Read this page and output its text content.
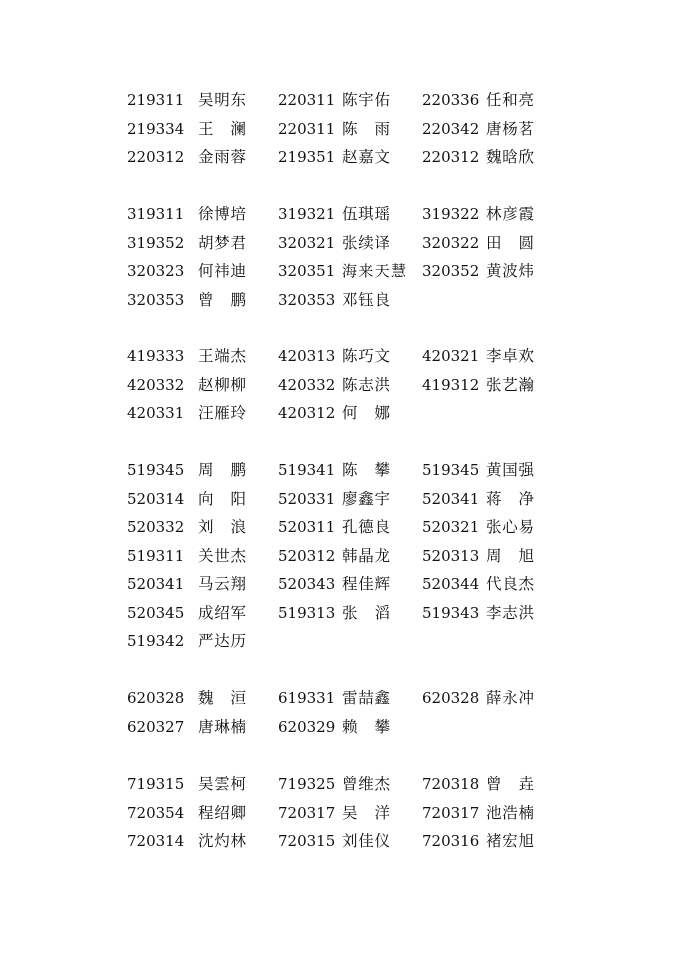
219311 吴明东 220311 陈宇佑 220336 任和亮
219334 王　澜 220311 陈　雨 220342 唐杨茗
220312 金雨蓉 219351 赵嘉文 220312 魏晗欣
319311 徐博培 319321 伍琪瑶 319322 林彦霞
319352 胡梦君 320321 张续译 320322 田　圆
320323 何祎迪 320351 海来天慧 320352 黄波炜
320353 曾　鹏 320353 邓钰良
419333 王端杰 420313 陈巧文 420321 李卓欢
420332 赵柳柳 420332 陈志洪 419312 张艺瀚
420331 汪雁玲 420312 何　娜
519345 周　鹏 519341 陈　攀 519345 黄国强
520314 向　阳 520331 廖鑫宇 520341 蒋　净
520332 刘　浪 520311 孔德良 520321 张心易
519311 关世杰 520312 韩晶龙 520313 周　旭
520341 马云翔 520343 程佳辉 520344 代良杰
520345 成绍军 519313 张　滔 519343 李志洪
519342 严达历
620328 魏　洹 619331 雷喆鑫 620328 薛永冲
620327 唐琳楠 620329 赖　攀
719315 吴雲柯 719325 曾维杰 720318 曾　垚
720354 程绍卿 720317 吴　洋 720317 池浩楠
720314 沈灼林 720315 刘佳仪 720316 褚宏旭
